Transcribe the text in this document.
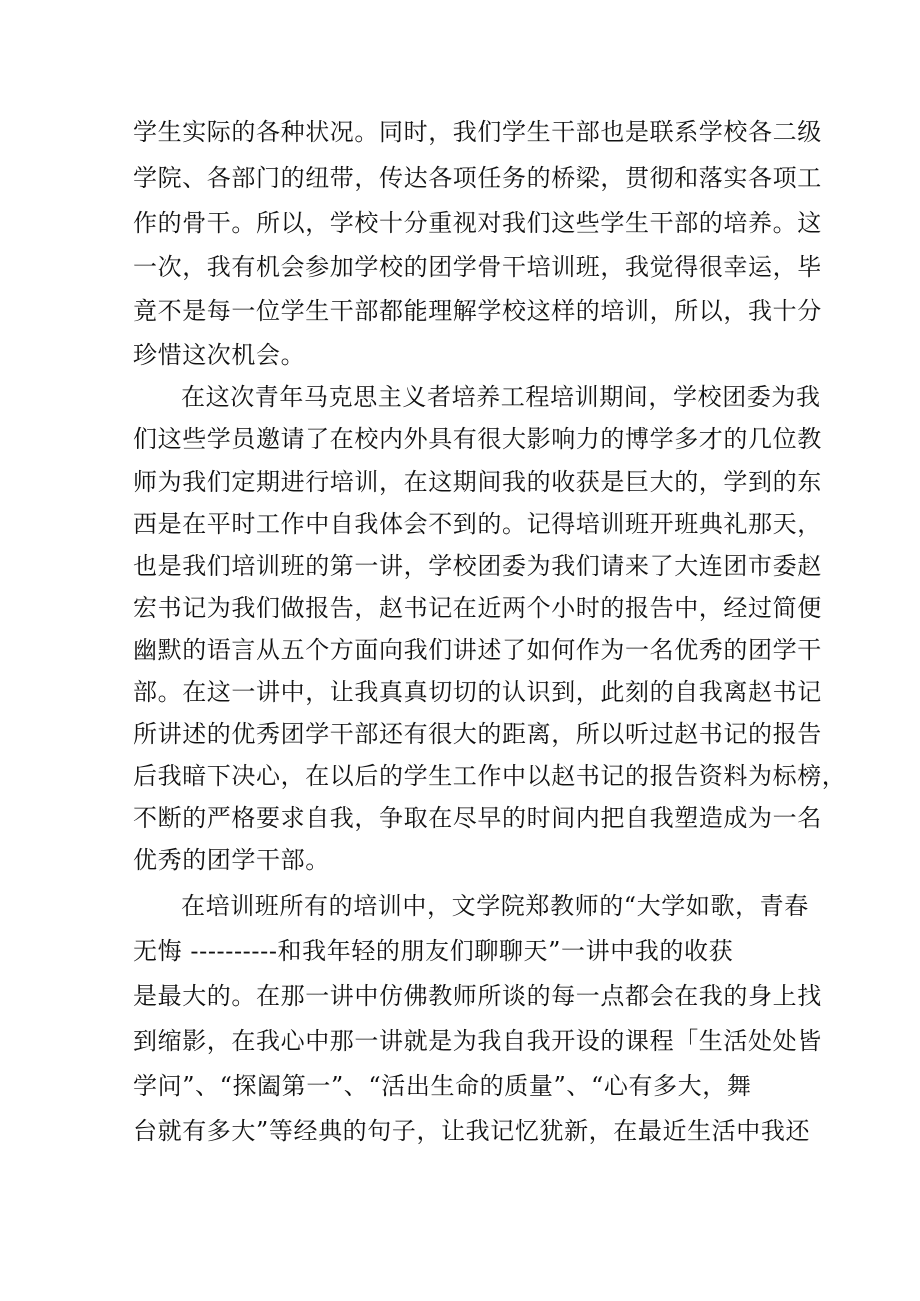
学生实际的各种状况。同时，我们学生干部也是联系学校各二级
学院、各部门的纽带，传达各项任务的桥梁，贯彻和落实各项工
作的骨干。所以，学校十分重视对我们这些学生干部的培养。这
一次，我有机会参加学校的团学骨干培训班，我觉得很幸运，毕
竟不是每一位学生干部都能理解学校这样的培训，所以，我十分
珍惜这次机会。
在这次青年马克思主义者培养工程培训期间，学校团委为我
们这些学员邀请了在校内外具有很大影响力的博学多才的几位教
师为我们定期进行培训，在这期间我的收获是巨大的，学到的东
西是在平时工作中自我体会不到的。记得培训班开班典礼那天，
也是我们培训班的第一讲，学校团委为我们请来了大连团市委赵
宏书记为我们做报告，赵书记在近两个小时的报告中，经过简便
幽默的语言从五个方面向我们讲述了如何作为一名优秀的团学干
部。在这一讲中，让我真真切切的认识到，此刻的自我离赵书记
所讲述的优秀团学干部还有很大的距离，所以听过赵书记的报告
后我暗下决心，在以后的学生工作中以赵书记的报告资料为标榜，
不断的严格要求自我，争取在尽早的时间内把自我塑造成为一名
优秀的团学干部。
在培训班所有的培训中，文学院郑教师的“大学如歌，青春
无悔 ----------和我年轻的朋友们聊聊天”一讲中我的收获
是最大的。在那一讲中仿佛教师所谈的每一点都会在我的身上找
到缩影，在我心中那一讲就是为我自我开设的课程「生活处处皆
学问”、“探阖第一”、“活出生命的质量”、“心有多大，舞
台就有多大”等经典的句子，让我记忆犹新，在最近生活中我还
